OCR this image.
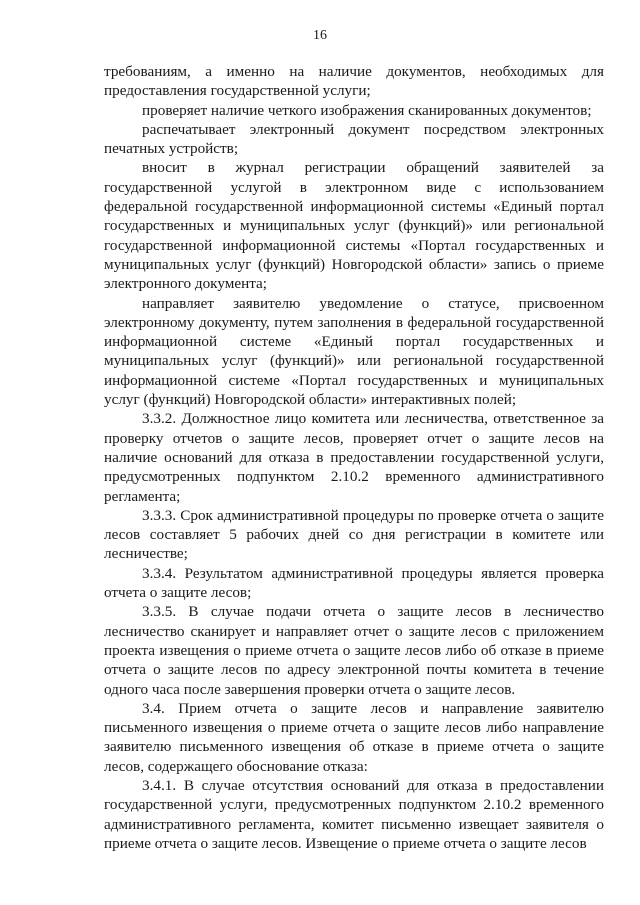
16

требованиям, а именно на наличие документов, необходимых для предоставления государственной услуги;

проверяет наличие четкого изображения сканированных документов;

распечатывает электронный документ посредством электронных печатных устройств;

вносит в журнал регистрации обращений заявителей за государственной услугой в электронном виде с использованием федеральной государственной информационной системы «Единый портал государственных и муниципальных услуг (функций)» или региональной государственной информационной системы «Портал государственных и муниципальных услуг (функций) Новгородской области» запись о приеме электронного документа;

направляет заявителю уведомление о статусе, присвоенном электронному документу, путем заполнения в федеральной государственной информационной системе «Единый портал государственных и муниципальных услуг (функций)» или региональной государственной информационной системе «Портал государственных и муниципальных услуг (функций) Новгородской области» интерактивных полей;

3.3.2. Должностное лицо комитета или лесничества, ответственное за проверку отчетов о защите лесов, проверяет отчет о защите лесов на наличие оснований для отказа в предоставлении государственной услуги, предусмотренных подпунктом 2.10.2 временного административного регламента;

3.3.3. Срок административной процедуры по проверке отчета о защите лесов составляет 5 рабочих дней со дня регистрации в комитете или лесничестве;

3.3.4. Результатом административной процедуры является проверка отчета о защите лесов;

3.3.5. В случае подачи отчета о защите лесов в лесничество лесничество сканирует и направляет отчет о защите лесов с приложением проекта извещения о приеме отчета о защите лесов либо об отказе в приеме отчета о защите лесов по адресу электронной почты комитета в течение одного часа после завершения проверки отчета о защите лесов.

3.4. Прием отчета о защите лесов и направление заявителю письменного извещения о приеме отчета о защите лесов либо направление заявителю письменного извещения об отказе в приеме отчета о защите лесов, содержащего обоснование отказа:

3.4.1. В случае отсутствия оснований для отказа в предоставлении государственной услуги, предусмотренных подпунктом 2.10.2 временного административного регламента, комитет письменно извещает заявителя о приеме отчета о защите лесов. Извещение о приеме отчета о защите лесов
